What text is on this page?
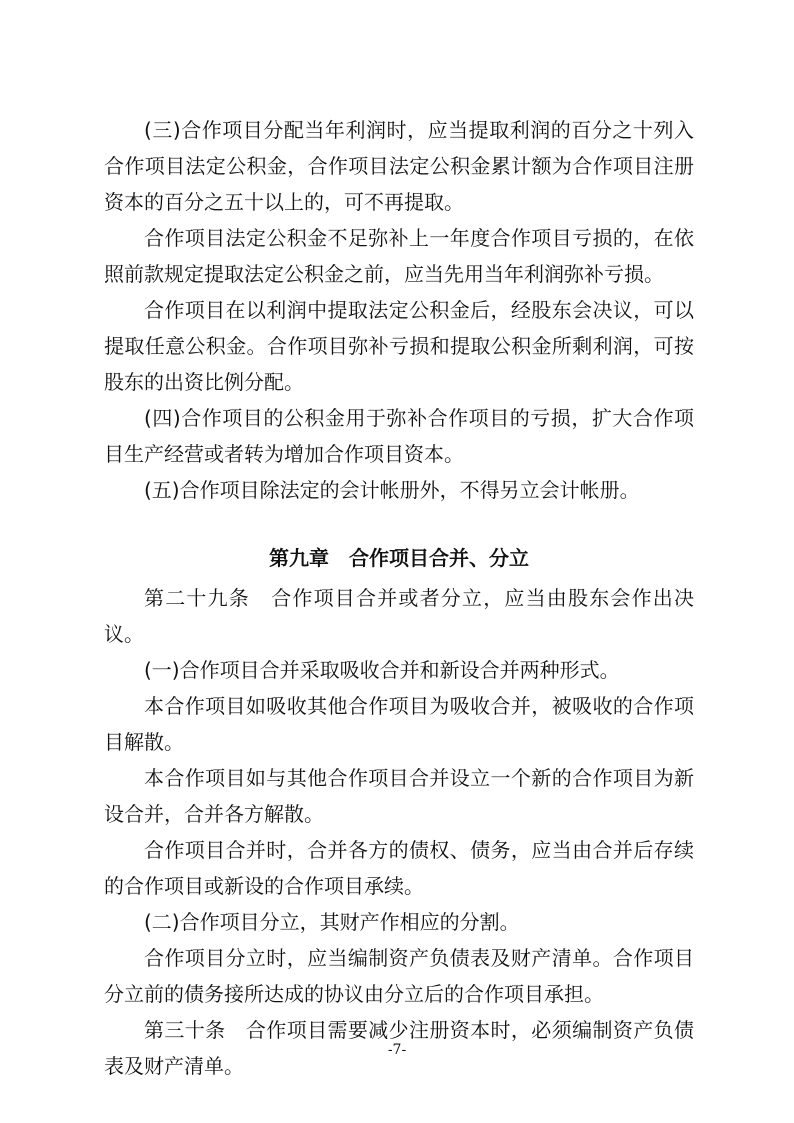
(三)合作项目分配当年利润时，应当提取利润的百分之十列入合作项目法定公积金，合作项目法定公积金累计额为合作项目注册资本的百分之五十以上的，可不再提取。

合作项目法定公积金不足弥补上一年度合作项目亏损的，在依照前款规定提取法定公积金之前，应当先用当年利润弥补亏损。

合作项目在以利润中提取法定公积金后，经股东会决议，可以提取任意公积金。合作项目弥补亏损和提取公积金所剩利润，可按股东的出资比例分配。

(四)合作项目的公积金用于弥补合作项目的亏损，扩大合作项目生产经营或者转为增加合作项目资本。

(五)合作项目除法定的会计帐册外，不得另立会计帐册。

第九章　合作项目合并、分立

第二十九条　合作项目合并或者分立，应当由股东会作出决议。

(一)合作项目合并采取吸收合并和新设合并两种形式。

本合作项目如吸收其他合作项目为吸收合并，被吸收的合作项目解散。

本合作项目如与其他合作项目合并设立一个新的合作项目为新设合并，合并各方解散。

合作项目合并时，合并各方的债权、债务，应当由合并后存续的合作项目或新设的合作项目承续。

(二)合作项目分立，其财产作相应的分割。

合作项目分立时，应当编制资产负债表及财产清单。合作项目分立前的债务接所达成的协议由分立后的合作项目承担。

第三十条　合作项目需要减少注册资本时，必须编制资产负债表及财产清单。

-7-
